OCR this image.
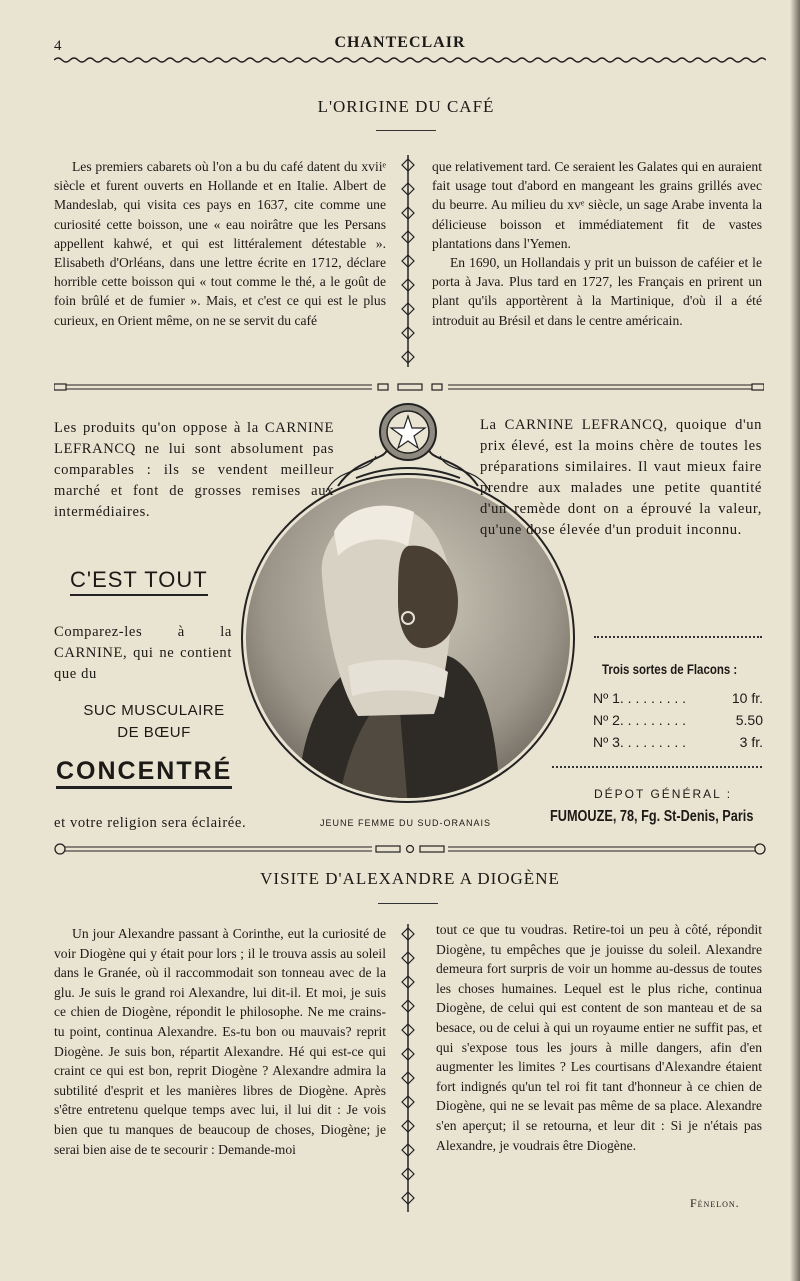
4	CHANTECLAIR
L'ORIGINE DU CAFÉ

Les premiers cabarets où l'on a bu du café datent du xviiᵉ siècle et furent ouverts en Hollande et en Italie. Albert de Mandeslab, qui visita ces pays en 1637, cite comme une curiosité cette boisson, une « eau noirâtre que les Persans appellent kahwé, et qui est littéralement détestable ». Elisabeth d'Orléans, dans une lettre écrite en 1712, déclare horrible cette boisson qui « tout comme le thé, a le goût de foin brûlé et de fumier ». Mais, et c'est ce qui est le plus curieux, en Orient même, on ne se servit du café

que relativement tard. Ce seraient les Galates qui en auraient fait usage tout d'abord en mangeant les grains grillés avec du beurre. Au milieu du xvᵉ siècle, un sage Arabe inventa la délicieuse boisson et immédiatement fit de vastes plantations dans l'Yemen.

En 1690, un Hollandais y prit un buisson de caféier et le porta à Java. Plus tard en 1727, les Français en prirent un plant qu'ils apportèrent à la Martinique, d'où il a été introduit au Brésil et dans le centre américain.

Les produits qu'on oppose à la CARNINE LEFRANCQ ne lui sont absolument pas comparables : ils se vendent meilleur marché et font de grosses remises aux intermédiaires.
C'EST TOUT
Comparez-les à la CARNINE, qui ne contient que du
SUC MUSCULAIRE
DE BŒUF
CONCENTRÉ
et votre religion sera éclairée.	JEUNE FEMME DU SUD-ORANAIS
La CARNINE LEFRANCQ, quoique d'un prix élevé, est la moins chère de toutes les préparations similaires. Il vaut mieux faire prendre aux malades une petite quantité d'un remède dont on a éprouvé la valeur, qu'une dose élevée d'un produit inconnu.
Trois sortes de Flacons :
Nº 1. . . . . . . . .	10 fr.
Nº 2. . . . . . . . .	5.50
Nº 3. . . . . . . . .	3 fr.
DÉPOT GÉNÉRAL :
FUMOUZE, 78, Fg. St-Denis, Paris
VISITE D'ALEXANDRE A DIOGÈNE

Un jour Alexandre passant à Corinthe, eut la curiosité de voir Diogène qui y était pour lors ; il le trouva assis au soleil dans le Granée, où il raccommodait son tonneau avec de la glu. Je suis le grand roi Alexandre, lui dit-il. Et moi, je suis ce chien de Diogène, répondit le philosophe. Ne me crains-tu point, continua Alexandre. Es-tu bon ou mauvais? reprit Diogène. Je suis bon, répartit Alexandre. Hé qui est-ce qui craint ce qui est bon, reprit Diogène ? Alexandre admira la subtilité d'esprit et les manières libres de Diogène. Après s'être entretenu quelque temps avec lui, il lui dit : Je vois bien que tu manques de beaucoup de choses, Diogène; je serai bien aise de te secourir : Demande-moi

tout ce que tu voudras. Retire-toi un peu à côté, répondit Diogène, tu empêches que je jouisse du soleil. Alexandre demeura fort surpris de voir un homme au-dessus de toutes les choses humaines. Lequel est le plus riche, continua Diogène, de celui qui est content de son manteau et de sa besace, ou de celui à qui un royaume entier ne suffit pas, et qui s'expose tous les jours à mille dangers, afin d'en augmenter les limites ? Les courtisans d'Alexandre étaient fort indignés qu'un tel roi fit tant d'honneur à ce chien de Diogène, qui ne se levait pas même de sa place. Alexandre s'en aperçut; il se retourna, et leur dit : Si je n'étais pas Alexandre, je voudrais être Diogène.

Fénelon.
